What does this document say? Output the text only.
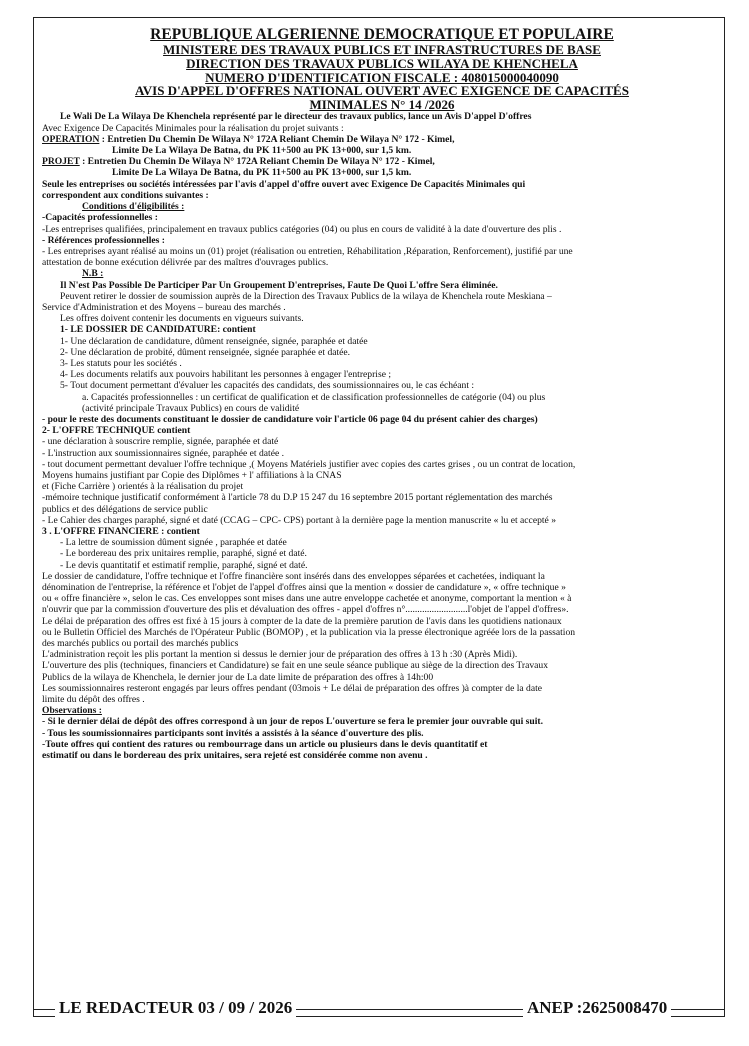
REPUBLIQUE ALGERIENNE DEMOCRATIQUE ET POPULAIRE
MINISTERE DES TRAVAUX PUBLICS ET INFRASTRUCTURES DE BASE
DIRECTION DES TRAVAUX PUBLICS WILAYA DE KHENCHELA
NUMERO D'IDENTIFICATION FISCALE : 408015000040090
AVIS D'APPEL D'OFFRES NATIONAL OUVERT AVEC EXIGENCE DE CAPACITÉS
MINIMALES N° 14 /2026

Le Wali De La Wilaya De Khenchela représenté par le directeur des travaux publics, lance un Avis D'appel D'offres

Avec Exigence De Capacités Minimales pour la réalisation du projet suivants :

OPERATION : Entretien Du Chemin De Wilaya N° 172A Reliant Chemin De Wilaya N° 172 - Kimel,

Limite De La Wilaya De Batna, du PK 11+500 au PK 13+000, sur 1,5 km.

PROJET : Entretien Du Chemin De Wilaya N° 172A Reliant Chemin De Wilaya N° 172 - Kimel,

Limite De La Wilaya De Batna, du PK 11+500 au PK 13+000, sur 1,5 km.

Seule les entreprises ou sociétés intéressées par l'avis d'appel d'offre ouvert avec Exigence De Capacités Minimales qui

correspondent aux conditions suivantes :

Conditions d'éligibilités :

-Capacités professionnelles :

-Les entreprises qualifiées, principalement en travaux publics catégories (04) ou plus en cours de validité à la date d'ouverture des plis .

- Références professionnelles :

- Les entreprises ayant réalisé au moins un (01) projet (réalisation ou entretien, Réhabilitation ,Réparation, Renforcement), justifié par une

attestation de bonne exécution délivrée par des maîtres d'ouvrages publics.

N.B :

Il N'est Pas Possible De Participer Par Un Groupement D'entreprises, Faute De Quoi L'offre Sera éliminée.

Peuvent retirer le dossier de soumission auprès de la Direction des Travaux Publics de la wilaya de Khenchela route Meskiana –

Service d'Administration et des Moyens – bureau des marchés .

Les offres doivent contenir les documents en vigueurs suivants.

1- LE DOSSIER DE CANDIDATURE: contient

1- Une déclaration de candidature, dûment renseignée, signée, paraphée et datée

2- Une déclaration de probité, dûment renseignée, signée paraphée et datée.

3- Les statuts pour les sociétés .

4- Les documents relatifs aux pouvoirs habilitant les personnes à engager l'entreprise ;

5- Tout document permettant d'évaluer les capacités des candidats, des soumissionnaires ou, le cas échéant :

a. Capacités professionnelles : un certificat de qualification et de classification professionnelles de catégorie (04) ou plus

(activité principale Travaux Publics) en cours de validité

- pour le reste des documents constituant le dossier de candidature voir l'article 06 page 04 du présent cahier des charges)

2- L'OFFRE TECHNIQUE contient

- une déclaration à souscrire remplie, signée, paraphée et daté

- L'instruction aux soumissionnaires signée, paraphée et datée .

- tout document permettant devaluer l'offre technique ,( Moyens Matériels justifier avec copies des cartes grises , ou un contrat de location,

Moyens humains justifiant par Copie des Diplômes + l' affiliations à la CNAS

et (Fiche Carrière ) orientés à la réalisation du projet

-mémoire technique justificatif conformément à l'article 78 du D.P 15 247 du 16 septembre 2015 portant réglementation des marchés

publics et des délégations de service public

- Le Cahier des charges paraphé, signé et daté (CCAG – CPC- CPS) portant à la dernière page la mention manuscrite « lu et accepté »

3 . L'OFFRE FINANCIERE : contient

- La lettre de soumission dûment signée , paraphée et datée

- Le bordereau des prix unitaires remplie, paraphé, signé et daté.

- Le devis quantitatif et estimatif remplie, paraphé, signé et daté.

Le dossier de candidature, l'offre technique et l'offre financière sont insérés dans des enveloppes séparées et cachetées, indiquant la

dénomination de l'entreprise, la référence et l'objet de l'appel d'offres ainsi que la mention « dossier de candidature », « offre technique »

ou « offre financière », selon le cas. Ces enveloppes sont mises dans une autre enveloppe cachetée et anonyme, comportant la mention « à

n'ouvrir que par la commission d'ouverture des plis et dévaluation des offres - appel d'offres n°..........................l'objet de l'appel d'offres».

Le délai de préparation des offres est fixé à 15 jours à compter de la date de la première parution de l'avis dans les quotidiens nationaux

ou le Bulletin Officiel des Marchés de l'Opérateur Public (BOMOP) , et la publication via la presse électronique agréée lors de la passation

des marchés publics ou portail des marchés publics

L'administration reçoit les plis portant la mention si dessus le dernier jour de préparation des offres à 13 h :30 (Après Midi).

L'ouverture des plis (techniques, financiers et Candidature) se fait en une seule séance publique au siège de la direction des Travaux

Publics de la wilaya de Khenchela, le dernier jour de La date limite de préparation des offres à 14h:00

Les soumissionnaires resteront engagés par leurs offres pendant (03mois + Le délai de préparation des offres )à compter de la date

limite du dépôt des offres .

Observations :

- Si le dernier délai de dépôt des offres correspond à un jour de repos L'ouverture se fera le premier jour ouvrable qui suit.

- Tous les soumissionnaires participants sont invités a assistés à la séance d'ouverture des plis.

-Toute offres qui contient des ratures ou rembourrage dans un article ou plusieurs dans le devis quantitatif et

estimatif ou dans le bordereau des prix unitaires, sera rejeté est considérée comme non avenu .

LE REDACTEUR 03 / 09 / 2026	ANEP :2625008470
